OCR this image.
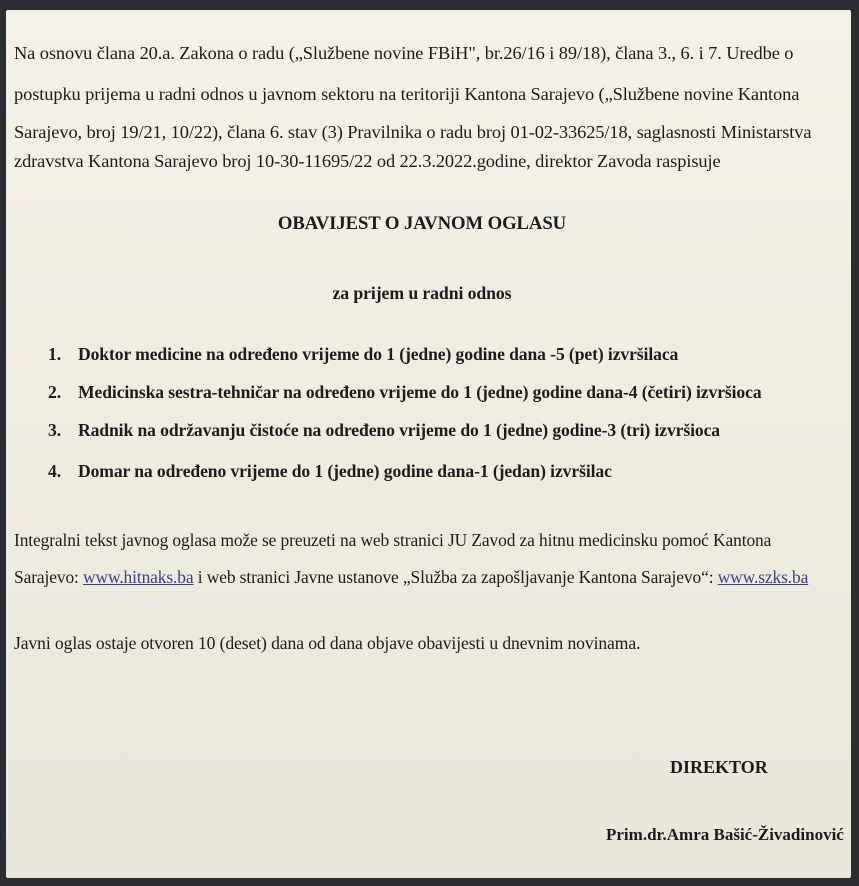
Na osnovu člana 20.a. Zakona o radu („Službene novine FBiH", br.26/16 i 89/18), člana 3., 6. i 7. Uredbe o
postupku prijema u radni odnos u javnom sektoru na teritoriji Kantona Sarajevo („Službene novine Kantona
Sarajevo, broj 19/21, 10/22), člana 6. stav (3) Pravilnika o radu broj 01-02-33625/18, saglasnosti Ministarstva
zdravstva Kantona Sarajevo broj 10-30-11695/22 od 22.3.2022.godine, direktor Zavoda raspisuje
OBAVIJEST O JAVNOM OGLASU
za prijem u radni odnos
1. Doktor medicine na određeno vrijeme do 1 (jedne) godine dana -5 (pet) izvršilaca
2. Medicinska sestra-tehničar na određeno vrijeme do 1 (jedne) godine dana-4 (četiri) izvršioca
3. Radnik na održavanju čistoće na određeno vrijeme do 1 (jedne) godine-3 (tri) izvršioca
4. Domar na određeno vrijeme do 1 (jedne) godine dana-1 (jedan) izvršilac
Integralni tekst javnog oglasa može se preuzeti na web stranici JU Zavod za hitnu medicinsku pomoć Kantona
Sarajevo: www.hitnaks.ba i web stranici Javne ustanove „Služba za zapošljavanje Kantona Sarajevo“: www.szks.ba
Javni oglas ostaje otvoren 10 (deset) dana od dana objave obavijesti u dnevnim novinama.
DIREKTOR
Prim.dr.Amra Bašić-Živadinović
